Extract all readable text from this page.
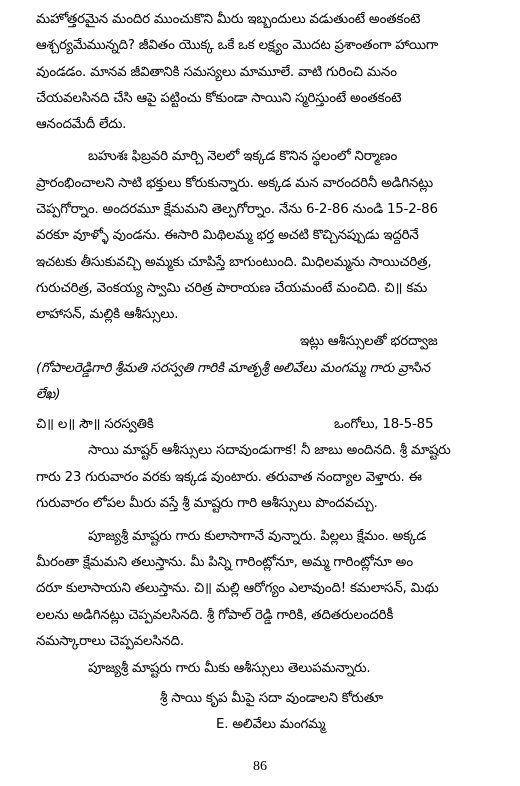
మహోత్తరమైన మందిర ముంచుకొని మీరు ఇబ్బందులు వడుతుంటే అంతకంటె
ఆశ్చర్యమేమున్నది? జీవితం యొక్క ఒకే ఒక లక్ష్యం మొదట ప్రశాంతంగా హాయిగా
వుండడం. మానవ జీవితానికి సమస్యలు మామూలే. వాటి గురించి మనం
చేయవలసినది చేసి ఆపై పట్టించు కోకుండా సాయిని స్మరిస్తుంటే అంతకంటె
ఆనందమేదీ లేదు.
బహుశః ఫిబ్రవరి మార్చి నెలలో ఇక్కడ కొనిన స్థలంలో నిర్మాణం
ప్రారంభించాలని సాటి భక్తులు కోరుకున్నారు. అక్కడ మన వారందరినీ అడిగినట్లు
చెప్పగోర్నాం. అందరమూ క్షేమమని తెల్పగోర్నాం. నేను 6-2-86 నుండి 15-2-86
వరకూ వూళ్ళో వుండను. ఈసారి మిథిలమ్మ భర్త అచటి కొచ్చినప్పుడు ఇద్దరినే
ఇచటకు తీసుకువచ్చి అమ్మకు చూపిస్తే బాగుంటుంది. మిధిలమ్మను సాయిచరిత్ర,
గురుచరిత్ర, వెంకయ్య స్వామి చరిత్ర పారాయణ చేయమంటే మంచిది. చి॥ కమ
లాహాసన్, మల్లికి ఆశీస్సులు.
ఇట్లు ఆశీస్సులతో భరద్వాజ
(గోపాలరెడ్డిగారి శ్రీమతి సరస్వతి గారికి మాతృశ్రీ అలివేలు మంగమ్మ గారు వ్రాసిన
లేఖ)
చి॥ ల॥ సౌ॥ సరస్వతికి	ఒంగోలు, 18-5-85
సాయి మాష్టర్ ఆశీస్సులు సదావుండుగాక! నీ జాబు అందినది. శ్రీ మాష్టరు
గారు 23 గురువారం వరకు ఇక్కడ వుంటారు. తరువాత నంద్యాల వెళ్తారు. ఈ
గురువారం లోపల మీరు వస్తే శ్రీ మాష్టరు గారి ఆశీస్సులు పొందవచ్చు.
పూజ్యశ్రీ మాష్టరు గారు కులాసాగానే వున్నారు. పిల్లలు క్షేమం. అక్కడ
మీరంతా క్షేమమని తలుస్తాను. మీ పిన్ని గారింట్లోనూ, అమ్మ గారింట్లోనూ అం
దరూ కులాసాయని తలుస్తాను. చి॥ మల్లి ఆరోగ్యం ఎలావుంది! కమలాసన్, మిథు
లలను అడిగినట్లు చెప్పవలసినది. శ్రీ గోపాల్ రెడ్డి గారికి, తదితరులందరికీ
నమస్కారాలు చెప్పవలసినది.
పూజ్యశ్రీ మాష్టరు గారు మీకు ఆశీస్సులు తెలుపమన్నారు.
శ్రీ సాయి కృప మీపై సదా వుండాలని కోరుతూ
E. అలివేలు మంగమ్మ
86
